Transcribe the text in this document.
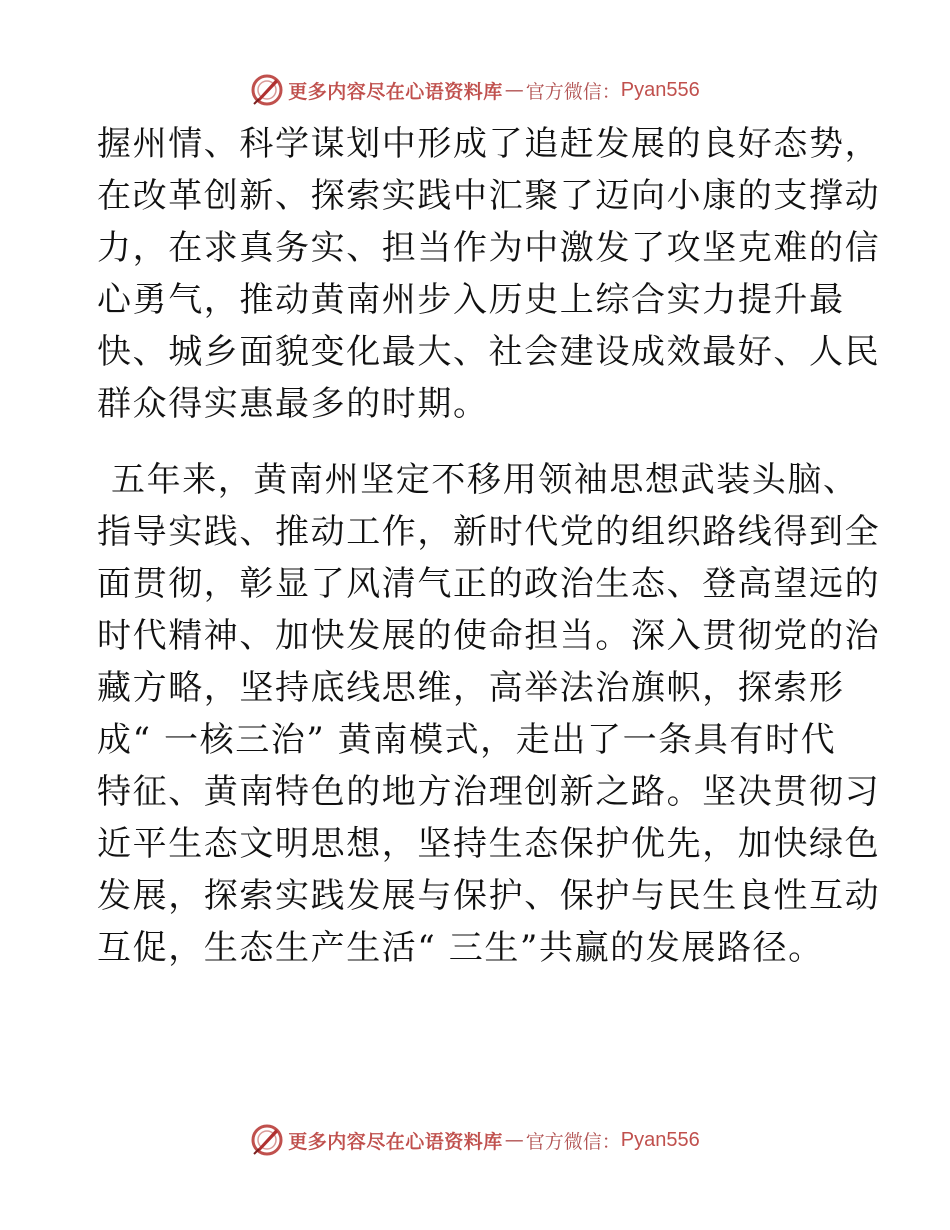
更多内容尽在心语资料库 — 官方微信： Pyan556
握州情、科学谋划中形成了追赶发展的良好态势，
在改革创新、探索实践中汇聚了迈向小康的支撑动
力，在求真务实、担当作为中激发了攻坚克难的信
心勇气，推动黄南州步入历史上综合实力提升最
快、城乡面貌变化最大、社会建设成效最好、人民
群众得实惠最多的时期。
五年来，黄南州坚定不移用领袖思想武装头脑、
指导实践、推动工作，新时代党的组织路线得到全
面贯彻，彰显了风清气正的政治生态、登高望远的
时代精神、加快发展的使命担当。深入贯彻党的治
藏方略，坚持底线思维，高举法治旗帜，探索形
成“ 一核三治” 黄南模式，走出了一条具有时代
特征、黄南特色的地方治理创新之路。坚决贯彻习
近平生态文明思想，坚持生态保护优先，加快绿色
发展，探索实践发展与保护、保护与民生良性互动
互促，生态生产生活“ 三生”共赢的发展路径。
更多内容尽在心语资料库 — 官方微信： Pyan556
